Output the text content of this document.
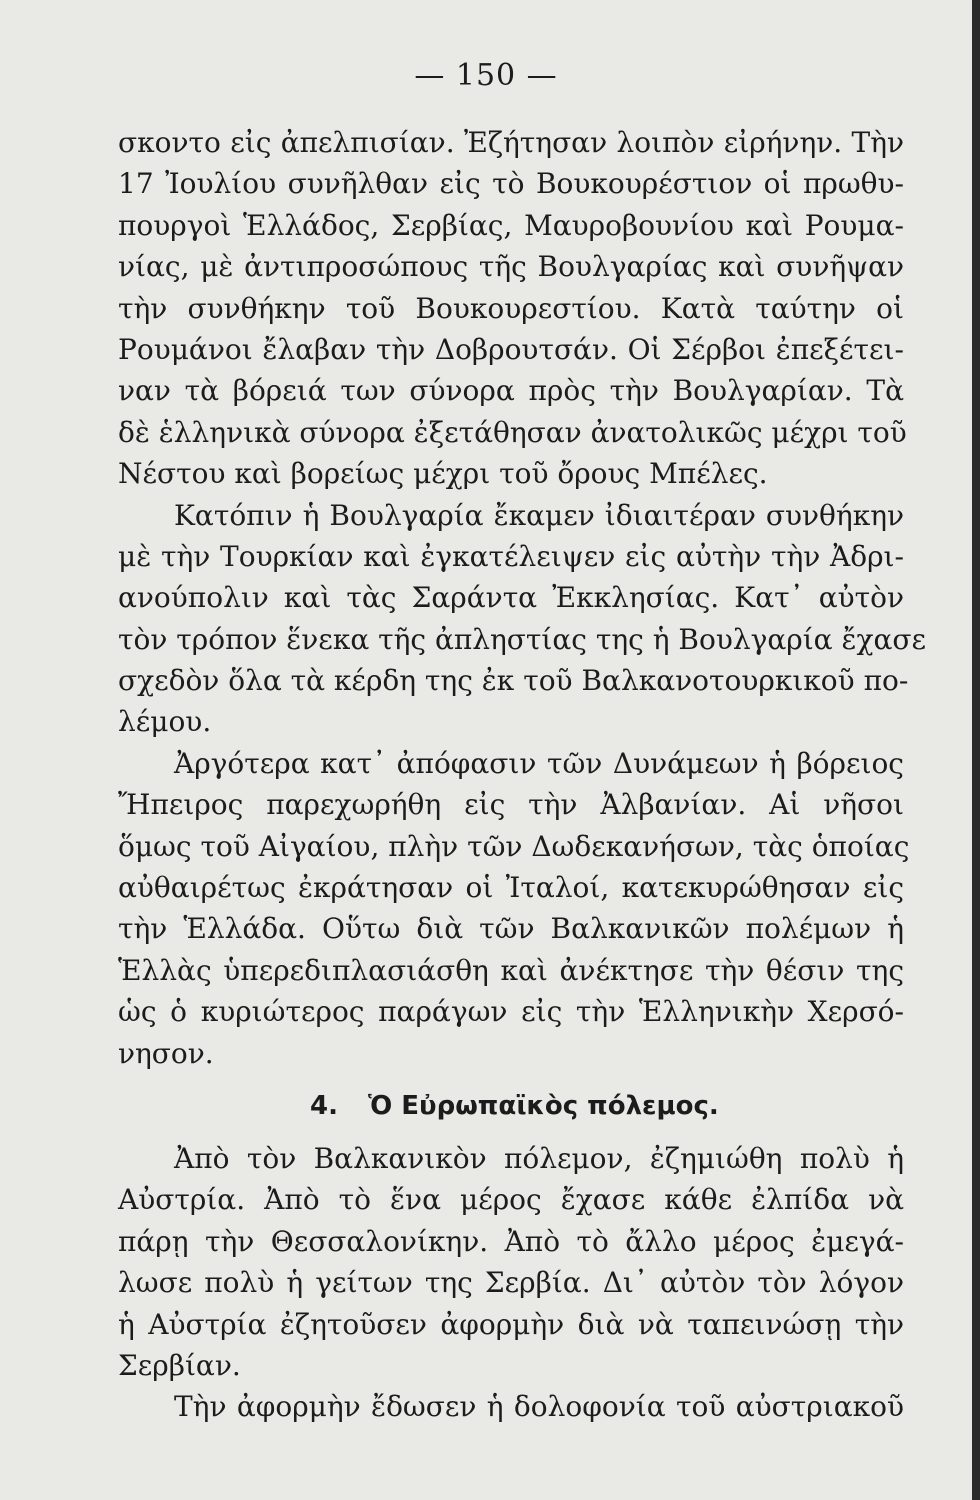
— 150 —
σκοντο εἰς ἀπελπισίαν. Ἐζήτησαν λοιπὸν εἰρήνην. Τὴν
17 Ἰουλίου συνῆλθαν εἰς τὸ Βουκουρέστιον οἱ πρωθυ-
πουργοὶ Ἑλλάδος, Σερβίας, Μαυροβουνίου καὶ Ρουμα-
νίας, μὲ ἀντιπροσώπους τῆς Βουλγαρίας καὶ συνῆψαν
τὴν συνθήκην τοῦ Βουκουρεστίου. Κατὰ ταύτην οἱ
Ρουμάνοι ἔλαβαν τὴν Δοβρουτσάν. Οἱ Σέρβοι ἐπεξέτει-
ναν τὰ βόρειά των σύνορα πρὸς τὴν Βουλγαρίαν. Τὰ
δὲ ἑλληνικὰ σύνορα ἐξετάθησαν ἀνατολικῶς μέχρι τοῦ
Νέστου καὶ βορείως μέχρι τοῦ ὄρους Μπέλες.
Κατόπιν ἡ Βουλγαρία ἔκαμεν ἰδιαιτέραν συνθήκην
μὲ τὴν Τουρκίαν καὶ ἐγκατέλειψεν εἰς αὐτὴν τὴν Ἀδρι-
ανούπολιν καὶ τὰς Σαράντα Ἐκκλησίας. Κατ᾽ αὐτὸν
τὸν τρόπον ἕνεκα τῆς ἀπληστίας της ἡ Βουλγαρία ἔχασε
σχεδὸν ὅλα τὰ κέρδη της ἐκ τοῦ Βαλκανοτουρκικοῦ πο-
λέμου.
Ἀργότερα κατ᾽ ἀπόφασιν τῶν Δυνάμεων ἡ βόρειος
Ἤπειρος παρεχωρήθη εἰς τὴν Ἀλβανίαν. Αἱ νῆσοι
ὅμως τοῦ Αἰγαίου, πλὴν τῶν Δωδεκανήσων, τὰς ὁποίας
αὐθαιρέτως ἐκράτησαν οἱ Ἰταλοί, κατεκυρώθησαν εἰς
τὴν Ἑλλάδα. Οὕτω διὰ τῶν Βαλκανικῶν πολέμων ἡ
Ἑλλὰς ὑπερεδιπλασιάσθη καὶ ἀνέκτησε τὴν θέσιν της
ὡς ὁ κυριώτερος παράγων εἰς τὴν Ἑλληνικὴν Χερσό-
νησον.
4. Ὁ Εὐρωπαϊκὸς πόλεμος.
Ἀπὸ τὸν Βαλκανικὸν πόλεμον, ἐζημιώθη πολὺ ἡ
Αὐστρία. Ἀπὸ τὸ ἕνα μέρος ἔχασε κάθε ἐλπίδα νὰ
πάρῃ τὴν Θεσσαλονίκην. Ἀπὸ τὸ ἄλλο μέρος ἐμεγά-
λωσε πολὺ ἡ γείτων της Σερβία. Δι᾽ αὐτὸν τὸν λόγον
ἡ Αὐστρία ἐζητοῦσεν ἀφορμὴν διὰ νὰ ταπεινώσῃ τὴν
Σερβίαν.
Τὴν ἀφορμὴν ἔδωσεν ἡ δολοφονία τοῦ αὐστριακοῦ
